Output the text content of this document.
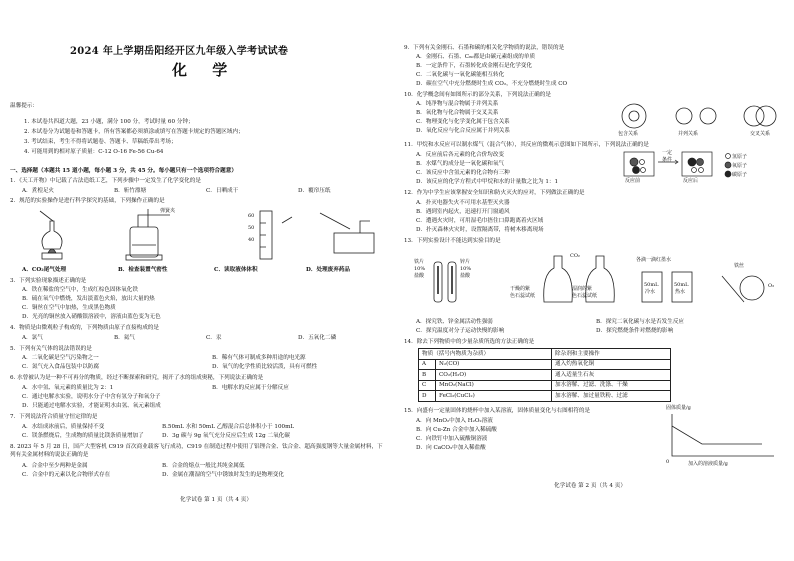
2024 年上学期岳阳经开区九年级入学考试试卷
化 学
温馨提示：
1. 本试卷共四道大题，23 小题，满分 100 分，考试时量 60 分钟；
2. 本试卷分为试题卷和答题卡，所有答案都必须填涂或填写在答题卡规定的答题区域内；
3. 考试结束，考生不得将试题卷、答题卡、草稿纸带出考场；
4. 可能用到的相对原子质量：C-12 O-16 Fe-56 Cu-64
一、选择题（本题共 15 道小题，每小题 3 分，共 45 分。每小题只有一个选项符合题意）
1．《天工开物》中记载了古法造纸工艺，下列步骤中一定发生了化学变化的是
A．煮楻足火	B．斩竹漂塘	C．日晒成干	D．覆帘压纸
2．规范的实验操作是进行科学探究的基础，下列操作正确的是
弹簧夹
60
50
40
A．CO₂尾气处理	B．检查装置气密性	C．读取液体体积	D．处理废弃药品
3．下列实验现象描述正确的是
A．铁在稀盐的空气中，生成红棕色固体氧化铁
B．硫在氧气中燃烧，发出淡蓝色火焰，放出大量的热
C．铜丝在空气中加热，生成黑色物质
D．光亮的铜丝放入硝酸银溶液中，溶液由蓝色变为无色
4．物质是由微观粒子构成的，下列物质由原子直接构成的是
A．氯气	B．氦气	C．汞	D．五氧化二磷
5．下列有关气体的说法错误的是
A．二氧化碳是空气污染物之一	B．稀有气体可制成多种用途的电光源
C．氮气充入食品包装中以防腐	D．氧气的化学性质比较活泼，具有可燃性
6. 水曾被认为是一种不可再分的物质，经过不断探索和研究，揭开了水的组成奥秘，下列说法正确的是
A．水中氢、氧元素的质量比为 2：1	B．电解水的反应属于分解反应
C．通过电解水实验，说明水分子中含有氢分子和氧分子
D．只能通过电解水实验，才能证明水由氢、氧元素组成
7．下列说法符合质量守恒定律的是
A．水结成冰前后，质量保持不变	B.50mL 水和 50mL 乙醇混合后总体积小于 100mL
C．镁条燃烧后，生成物的质量比镁条质量增加了	D．3g 碳与 9g 氧气充分反应后生成 12g 二氧化碳
8. 2023 年 5 月 28 日，国产大型客机 C919 首次商业载客飞行成功，C919 在制造过程中使用了铝锂合金、钛合金、超高强度钢等大量金属材料，下列有关金属材料的说法正确的是
A．合金中至少两种是金属	B．合金的熔点一般比其纯金属低
C．合金中的元素以化合物形式存在	D．金属在潮湿的空气中锈蚀时发生的是物理变化
化学试卷 第 1 页（共 4 页）
9．下列有关金刚石、石墨和碳的相关化学物质的说法，错误的是
A．金刚石、石墨、C₆₀都是由碳元素组成的单质
B．一定条件下，石墨转化成金刚石是化学变化
C．二氧化碳与一氧化碳能相互转化
D．碳在空气中充分燃烧时生成 CO₂，不充分燃烧时生成 CO
10．化学概念间有如图所示的部分关系，下列说法正确的是
A．纯净物与混合物属于并列关系
B．氧化物与化合物属于交叉关系
C．物理变化与化学变化属于包含关系
D．氧化反应与化合反应属于并列关系	包含关系	并列关系	交叉关系
11．甲烷和水反应可以制水煤气（混合气体），其反应的微观示意图如下图所示，下列说法正确的是
A．反应前后各元素的化合价均改变
B．水煤气的成分是一氧化碳和氧气
C．该反应中含氢元素的化合物有三种
D．该反应的化学方程式中甲烷和水的计量数之比为 1：1
一定
条件
反应前	反应后
氢原子
氧原子
碳原子
12．作为中学生应该掌握安全知识和防火灭火的应对，下列做法正确的是
A．扑灭电器失火不可用水基型灭火器
B．遇到室内起火，迅速打开门窗通风
C．遭遇火灾时，可用湿毛巾捂住口鼻跑离着火区域
D．扑灭森林火灾时，设置隔离带，将树木移离现场
13．下列实验设计不能达到实验目的是
铁片
10%
盐酸
锌片
10%
盐酸
CO₂
干燥的紫
色石蕊试纸
湿润的紫
色石蕊试纸
各滴一滴红墨水
50mL
冷水
50mL
热水
铁丝
O₂
A．探究铁、锌金属活动性强弱	B．探究二氧化碳与水是否发生反应
C．探究温度对分子运动快慢的影响	D．探究燃烧条件对燃烧的影响
14．除去下列物质中的少量杂质所选的方法正确的是
物质（括号内物质为杂质）		除杂剂和主要操作
A	N₂(CO)	通入灼热氧化铜
B	CO₂(H₂O)	通入适量生石灰
C	MnO₂(NaCl)	加水溶解、过滤、洗涤、干燥
D	FeCl₂(CuCl₂)	加水溶解、加过量铁粉、过滤
15．向盛有一定量固体的烧杯中加入某溶液，固体质量变化与右图相符的是
A．向 MnO₂中加入 H₂O₂溶液
B．向 Cu-Zn 合金中加入稀硫酸
C．向铁钉中加入硫酸铜溶液
D．向 CaCO₃中加入稀盐酸
固体质量/g
0	加入的溶液质量/g
化学试卷 第 2 页（共 4 页）
